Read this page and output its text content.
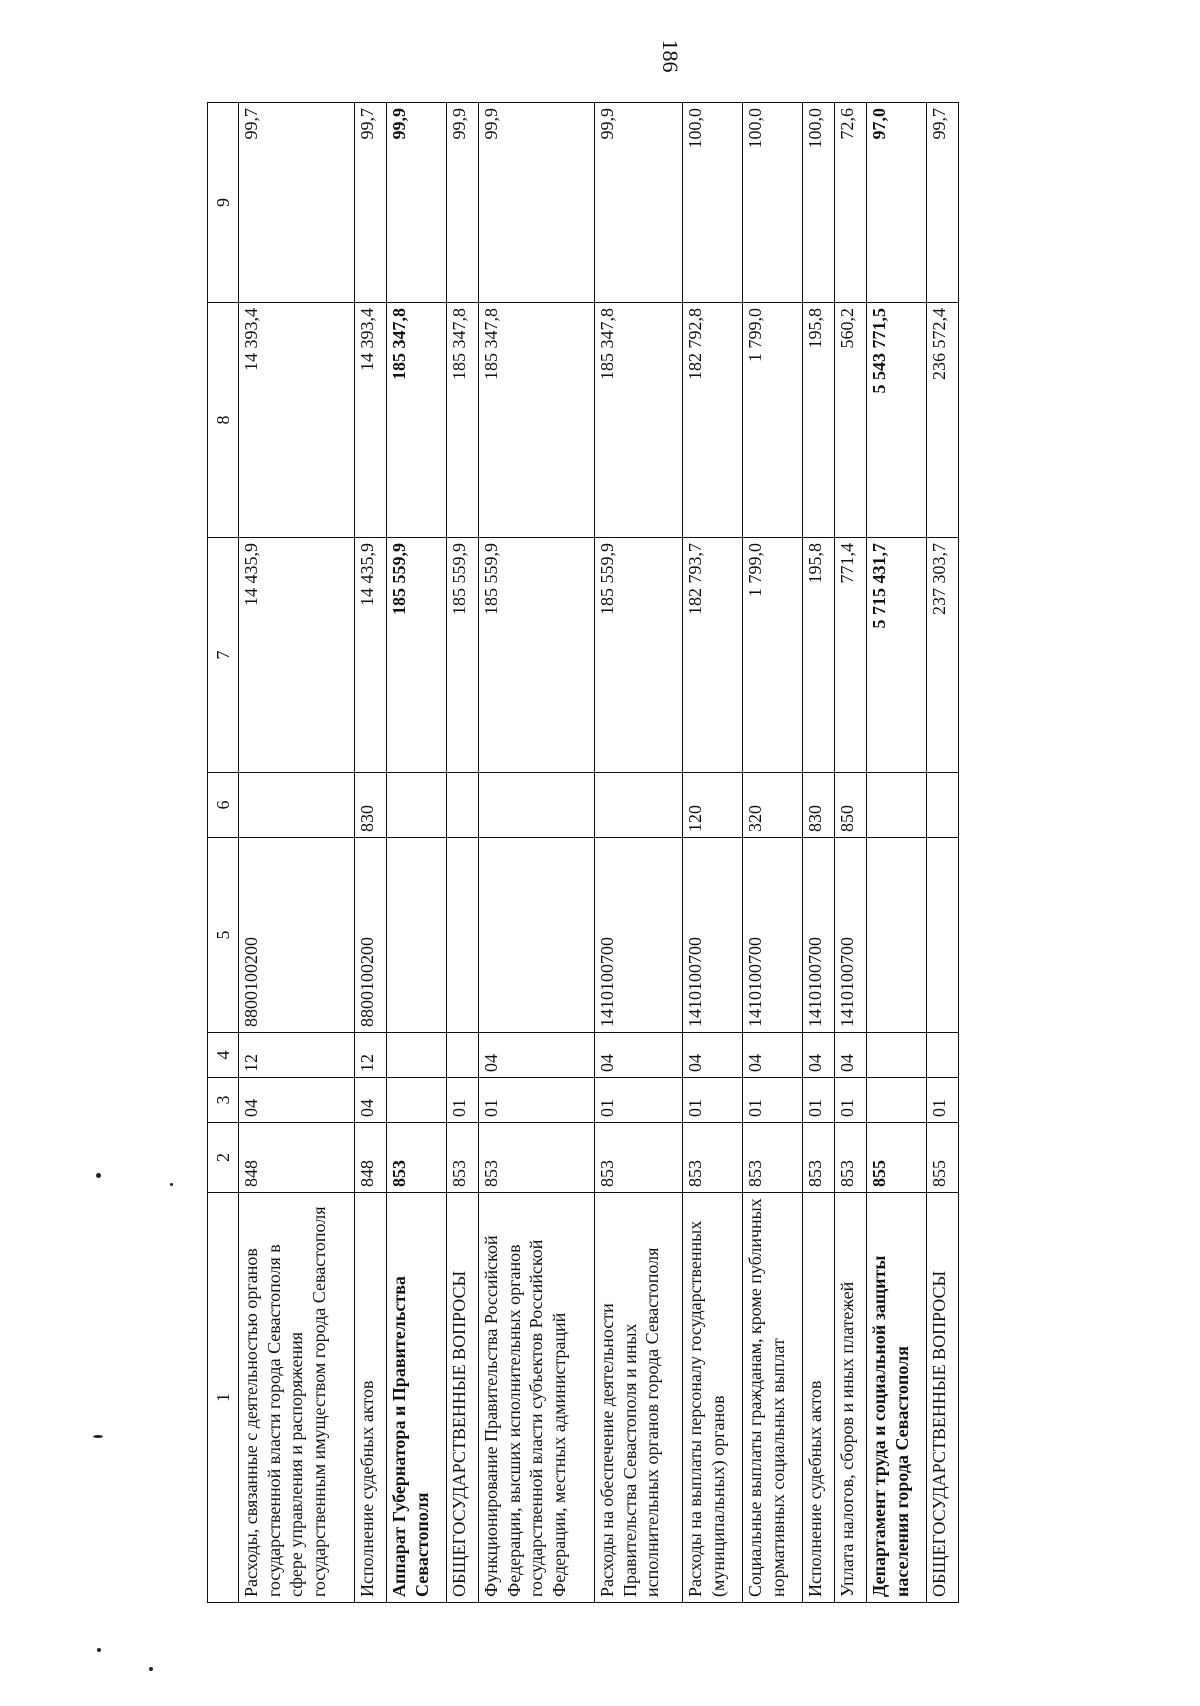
186
1	2	3	4	5	6	7	8	9
Расходы, связанные с деятельностью органов государственной власти города Севастополя в сфере управления и распоряжения государственным имуществом города Севастополя	848	04	12	8800100200		14 435,9	14 393,4	99,7
Исполнение судебных актов	848	04	12	8800100200	830	14 435,9	14 393,4	99,7
Аппарат Губернатора и Правительства Севастополя	853					185 559,9	185 347,8	99,9
ОБЩЕГОСУДАРСТВЕННЫЕ ВОПРОСЫ	853	01				185 559,9	185 347,8	99,9
Функционирование Правительства Российской Федерации, высших исполнительных органов государственной власти субъектов Российской Федерации, местных администраций	853	01	04			185 559,9	185 347,8	99,9
Расходы на обеспечение деятельности Правительства Севастополя и иных исполнительных органов города Севастополя	853	01	04	1410100700		185 559,9	185 347,8	99,9
Расходы на выплаты персоналу государственных (муниципальных) органов	853	01	04	1410100700	120	182 793,7	182 792,8	100,0
Социальные выплаты гражданам, кроме публичных нормативных социальных выплат	853	01	04	1410100700	320	1 799,0	1 799,0	100,0
Исполнение судебных актов	853	01	04	1410100700	830	195,8	195,8	100,0
Уплата налогов, сборов и иных платежей	853	01	04	1410100700	850	771,4	560,2	72,6
Департамент труда и социальной защиты населения города Севастополя	855					5 715 431,7	5 543 771,5	97,0
ОБЩЕГОСУДАРСТВЕННЫЕ ВОПРОСЫ	855	01				237 303,7	236 572,4	99,7
